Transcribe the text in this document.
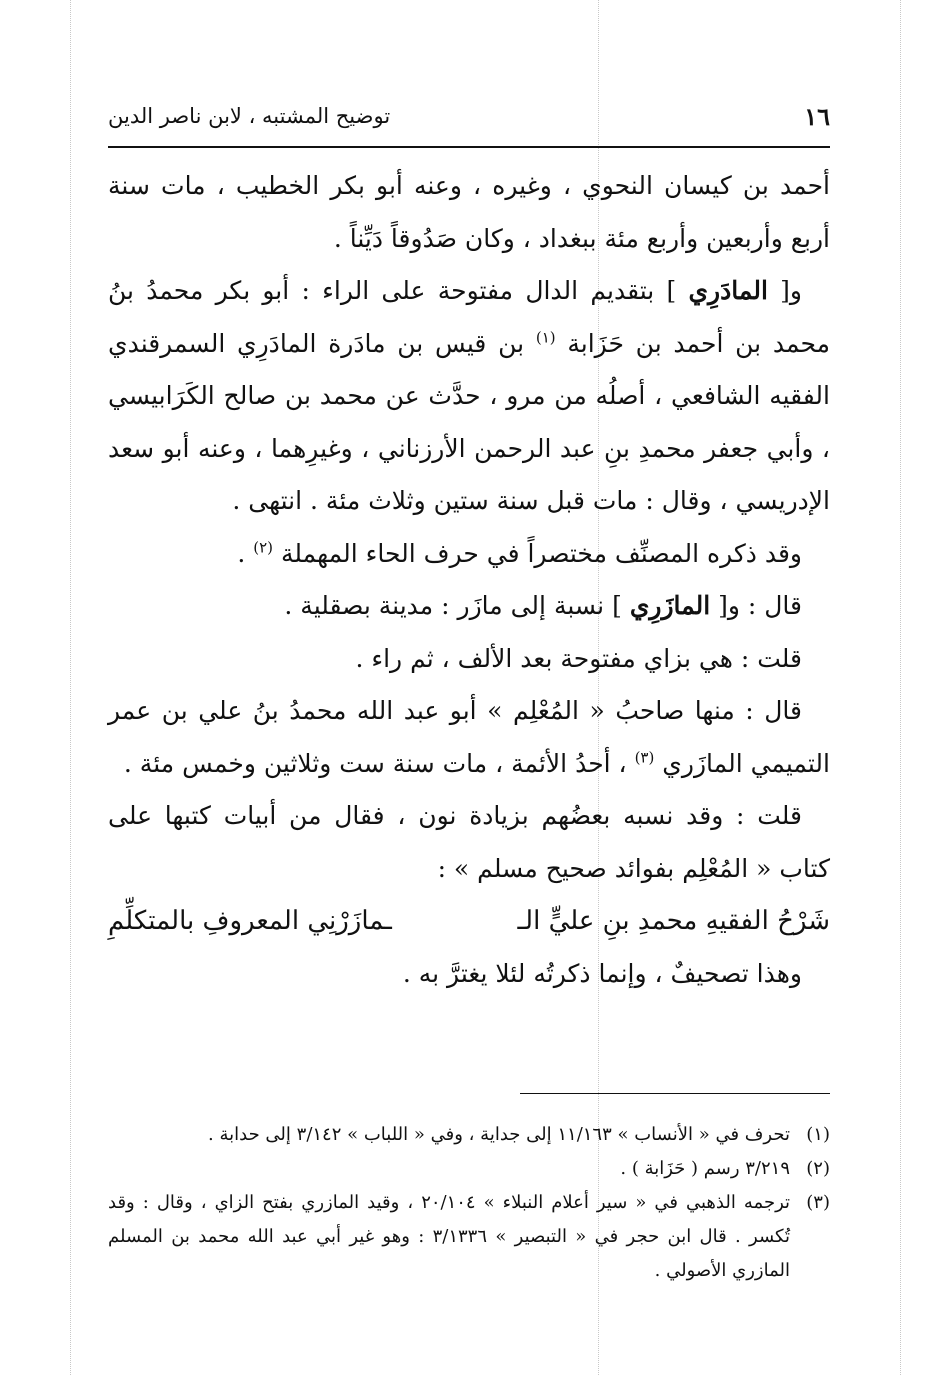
١٦
توضيح المشتبه ، لابن ناصر الدين

أحمد بن كيسان النحوي ، وغيره ، وعنه أبو بكر الخطيب ، مات سنة أربع وأربعين وأربع مئة ببغداد ، وكان صَدُوقاً دَيِّناً .

و[ المادَرِي ] بتقديم الدال مفتوحة على الراء : أبو بكر محمدُ بنُ محمد بن أحمد بن حَزَابة $^{(١)}$ بن قيس بن مادَرة المادَرِي السمرقندي الفقيه الشافعي ، أصلُه من مرو ، حدَّث عن محمد بن صالح الكَرَابيسي ، وأبي جعفر محمدِ بنِ عبد الرحمن الأرزناني ، وغيرِهما ، وعنه أبو سعد الإدريسي ، وقال : مات قبل سنة ستين وثلاث مئة . انتهى .

وقد ذكره المصنِّف مختصراً في حرف الحاء المهملة $^{(٢)}$ .

قال : و[ المازَرِي ] نسبة إلى مازَر : مدينة بصقلية .

قلت : هي بزاي مفتوحة بعد الألف ، ثم راء .

قال : منها صاحبُ « المُعْلِم » أبو عبد الله محمدُ بنُ علي بن عمر التميمي المازَري $^{(٣)}$ ، أحدُ الأئمة ، مات سنة ست وثلاثين وخمس مئة .

قلت : وقد نسبه بعضُهم بزيادة نون ، فقال من أبيات كتبها على كتاب « المُعْلِم بفوائد صحيح مسلم » :

شَرْحُ الفقيهِ محمدِ بنِ عليٍّ الـ
ـمازَرْنِي المعروفِ بالمتكلِّمِ

وهذا تصحيفٌ ، وإنما ذكرتُه لئلا يغترَّ به .

(١)
تحرف في « الأنساب » ١١/١٦٣ إلى جداية ، وفي « اللباب » ٣/١٤٢ إلى حدابة .
(٢)
٣/٢١٩ رسم ( حَزَابة ) .
(٣)
ترجمه الذهبي في « سير أعلام النبلاء » ٢٠/١٠٤ ، وقيد المازري بفتح الزاي ، وقال : وقد تُكسر . قال ابن حجر في « التبصير » ٣/١٣٣٦ : وهو غير أبي عبد الله محمد بن المسلم المازري الأصولي .
